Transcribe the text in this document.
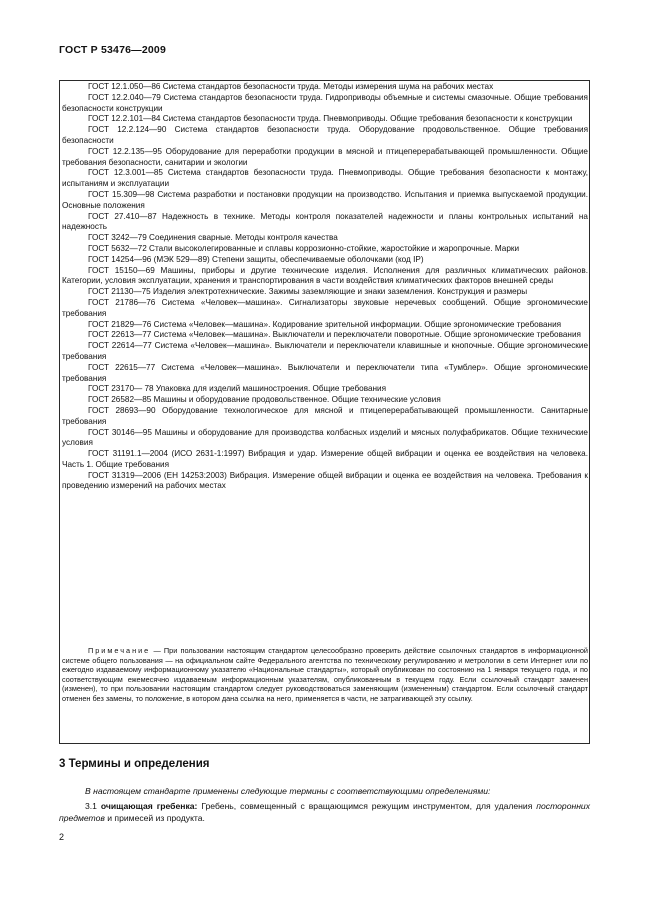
ГОСТ Р 53476—2009

ГОСТ 12.1.050—86 Система стандартов безопасности труда. Методы измерения шума на рабочих местах

ГОСТ 12.2.040—79 Система стандартов безопасности труда. Гидроприводы объемные и системы смазочные. Общие требования безопасности конструкции

ГОСТ 12.2.101—84 Система стандартов безопасности труда. Пневмоприводы. Общие требования безопасности к конструкции

ГОСТ 12.2.124—90 Система стандартов безопасности труда. Оборудование продовольственное. Общие требования безопасности

ГОСТ 12.2.135—95 Оборудование для переработки продукции в мясной и птицеперерабатывающей промышленности. Общие требования безопасности, санитарии и экологии

ГОСТ 12.3.001—85 Система стандартов безопасности труда. Пневмоприводы. Общие требования безопасности к монтажу, испытаниям и эксплуатации

ГОСТ 15.309—98 Система разработки и постановки продукции на производство. Испытания и приемка выпускаемой продукции. Основные положения

ГОСТ 27.410—87 Надежность в технике. Методы контроля показателей надежности и планы контрольных испытаний на надежность

ГОСТ 3242—79 Соединения сварные. Методы контроля качества

ГОСТ 5632—72 Стали высоколегированные и сплавы коррозионно-стойкие, жаростойкие и жаропрочные. Марки

ГОСТ 14254—96 (МЭК 529—89) Степени защиты, обеспечиваемые оболочками (код IP)

ГОСТ 15150—69 Машины, приборы и другие технические изделия. Исполнения для различных климатических районов. Категории, условия эксплуатации, хранения и транспортирования в части воздействия климатических факторов внешней среды

ГОСТ 21130—75 Изделия электротехнические. Зажимы заземляющие и знаки заземления. Конструкция и размеры

ГОСТ 21786—76 Система «Человек—машина». Сигнализаторы звуковые неречевых сообщений. Общие эргономические требования

ГОСТ 21829—76 Система «Человек—машина». Кодирование зрительной информации. Общие эргономические требования

ГОСТ 22613—77 Система «Человек—машина». Выключатели и переключатели поворотные. Общие эргономические требования

ГОСТ 22614—77 Система «Человек—машина». Выключатели и переключатели клавишные и кнопочные. Общие эргономические требования

ГОСТ 22615—77 Система «Человек—машина». Выключатели и переключатели типа «Тумблер». Общие эргономические требования

ГОСТ 23170— 78 Упаковка для изделий машиностроения. Общие требования

ГОСТ 26582—85 Машины и оборудование продовольственное. Общие технические условия

ГОСТ 28693—90 Оборудование технологическое для мясной и птицеперерабатывающей промышленности. Санитарные требования

ГОСТ 30146—95 Машины и оборудование для производства колбасных изделий и мясных полуфабрикатов. Общие технические условия

ГОСТ 31191.1—2004 (ИСО 2631-1:1997) Вибрация и удар. Измерение общей вибрации и оценка ее воздействия на человека. Часть 1. Общие требования

ГОСТ 31319—2006 (ЕН 14253:2003) Вибрация. Измерение общей вибрации и оценка ее воздействия на человека. Требования к проведению измерений на рабочих местах

Примечание — При пользовании настоящим стандартом целесообразно проверить действие ссылочных стандартов в информационной системе общего пользования — на официальном сайте Федерального агентства по техническому регулированию и метрологии в сети Интернет или по ежегодно издаваемому информационному указателю «Национальные стандарты», который опубликован по состоянию на 1 января текущего года, и по соответствующим ежемесячно издаваемым информационным указателям, опубликованным в текущем году. Если ссылочный стандарт заменен (изменен), то при пользовании настоящим стандартом следует руководствоваться заменяющим (измененным) стандартом. Если ссылочный стандарт отменен без замены, то положение, в котором дана ссылка на него, применяется в части, не затрагивающей эту ссылку.

3 Термины и определения

В настоящем стандарте применены следующие термины с соответствующими определениями:

3.1 очищающая гребенка: Гребень, совмещенный с вращающимся режущим инструментом, для удаления посторонних предметов и примесей из продукта.

2
